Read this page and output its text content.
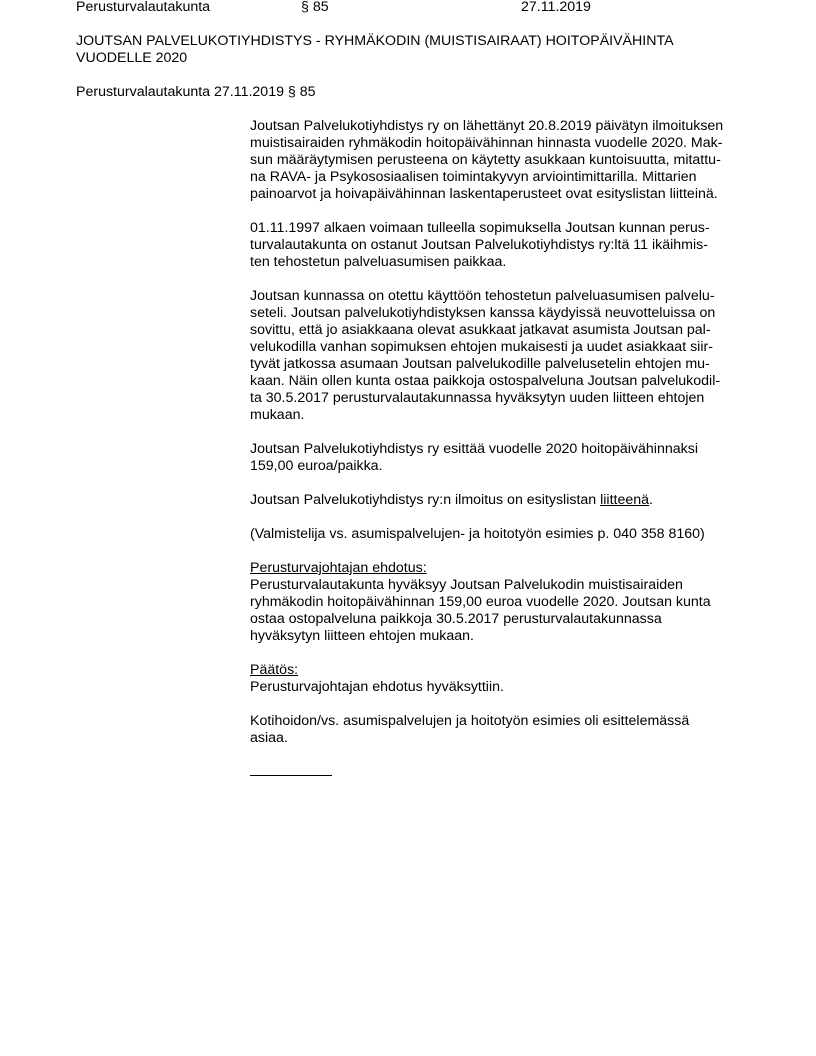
Perusturvalautakunta	§ 85	27.11.2019
JOUTSAN PALVELUKOTIYHDISTYS - RYHMÄKODIN (MUISTISAIRAAT) HOITOPÄIVÄHINTA
VUODELLE 2020
Perusturvalautakunta 27.11.2019 § 85

Joutsan Palvelukotiyhdistys ry on lähettänyt 20.8.2019 päivätyn ilmoituksen
muistisairaiden ryhmäkodin hoitopäivähinnan hinnasta vuodelle 2020. Mak-
sun määräytymisen perusteena on käytetty asukkaan kuntoisuutta, mitattu-
na RAVA- ja Psykososiaalisen toimintakyvyn arviointimittarilla. Mittarien
painoarvot ja hoivapäivähinnan laskentaperusteet ovat esityslistan liitteinä.

01.11.1997 alkaen voimaan tulleella sopimuksella Joutsan kunnan perus-
turvalautakunta on ostanut Joutsan Palvelukotiyhdistys ry:ltä 11 ikäihmis-
ten tehostetun palveluasumisen paikkaa.

Joutsan kunnassa on otettu käyttöön tehostetun palveluasumisen palvelu-
seteli. Joutsan palvelukotiyhdistyksen kanssa käydyissä neuvotteluissa on
sovittu, että jo asiakkaana olevat asukkaat jatkavat asumista Joutsan pal-
velukodilla vanhan sopimuksen ehtojen mukaisesti ja uudet asiakkaat siir-
tyvät jatkossa asumaan Joutsan palvelukodille palvelusetelin ehtojen mu-
kaan. Näin ollen kunta ostaa paikkoja ostospalveluna Joutsan palvelukodil-
ta 30.5.2017 perusturvalautakunnassa hyväksytyn uuden liitteen ehtojen
mukaan.

Joutsan Palvelukotiyhdistys ry esittää vuodelle 2020 hoitopäivähinnaksi
159,00 euroa/paikka.

Joutsan Palvelukotiyhdistys ry:n ilmoitus on esityslistan liitteenä.

(Valmistelija vs. asumispalvelujen- ja hoitotyön esimies p. 040 358 8160)

Perusturvajohtajan ehdotus:
Perusturvalautakunta hyväksyy Joutsan Palvelukodin muistisairaiden
ryhmäkodin hoitopäivähinnan 159,00 euroa vuodelle 2020. Joutsan kunta
ostaa ostopalveluna paikkoja 30.5.2017 perusturvalautakunnassa
hyväksytyn liitteen ehtojen mukaan.

Päätös:
Perusturvajohtajan ehdotus hyväksyttiin.

Kotihoidon/vs. asumispalvelujen ja hoitotyön esimies oli esittelemässä
asiaa.
